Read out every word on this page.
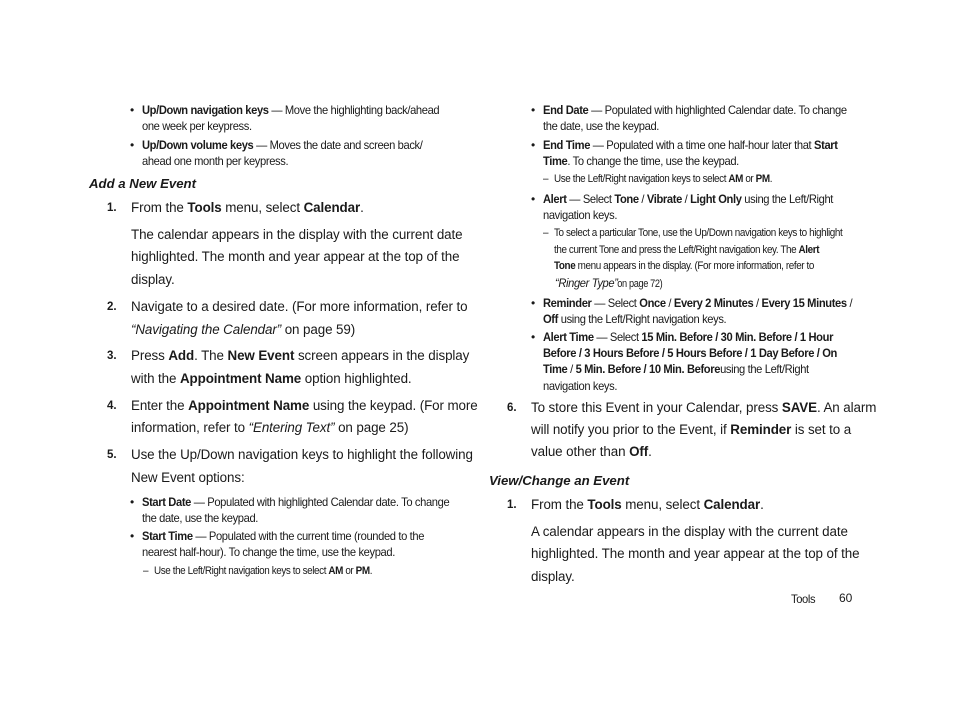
• Up/Down navigation keys — Move the highlighting back/ahead
one week per keypress.
• Up/Down volume keys — Moves the date and screen back/
ahead one month per keypress.
Add a New Event
1. From the Tools menu, select Calendar.
The calendar appears in the display with the current date
highlighted. The month and year appear at the top of the
display.
2. Navigate to a desired date. (For more information, refer to
“Navigating the Calendar” on page 59)
3. Press Add. The New Event screen appears in the display
with the Appointment Name option highlighted.
4. Enter the Appointment Name using the keypad. (For more
information, refer to “Entering Text” on page 25)
5. Use the Up/Down navigation keys to highlight the following
New Event options:
• Start Date — Populated with highlighted Calendar date. To change
the date, use the keypad.
• Start Time — Populated with the current time (rounded to the
nearest half-hour). To change the time, use the keypad.
– Use the Left/Right navigation keys to select AM or PM.
• End Date — Populated with highlighted Calendar date. To change
the date, use the keypad.
• End Time — Populated with a time one half-hour later that Start
Time. To change the time, use the keypad.
– Use the Left/Right navigation keys to select AM or PM.
• Alert — Select Tone / Vibrate / Light Only using the Left/Right
navigation keys.
– To select a particular Tone, use the Up/Down navigation keys to highlight
the current Tone and press the Left/Right navigation key. The Alert
Tone menu appears in the display. (For more information, refer to
“Ringer Type”on page 72)
• Reminder — Select Once / Every 2 Minutes / Every 15 Minutes /
Off using the Left/Right navigation keys.
• Alert Time — Select 15 Min. Before / 30 Min. Before / 1 Hour
Before / 3 Hours Before / 5 Hours Before / 1 Day Before / On
Time / 5 Min. Before / 10 Min. Beforeusing the Left/Right
navigation keys.
6. To store this Event in your Calendar, press SAVE. An alarm
will notify you prior to the Event, if Reminder is set to a
value other than Off.
View/Change an Event
1. From the Tools menu, select Calendar.
A calendar appears in the display with the current date
highlighted. The month and year appear at the top of the
display.
Tools 60
